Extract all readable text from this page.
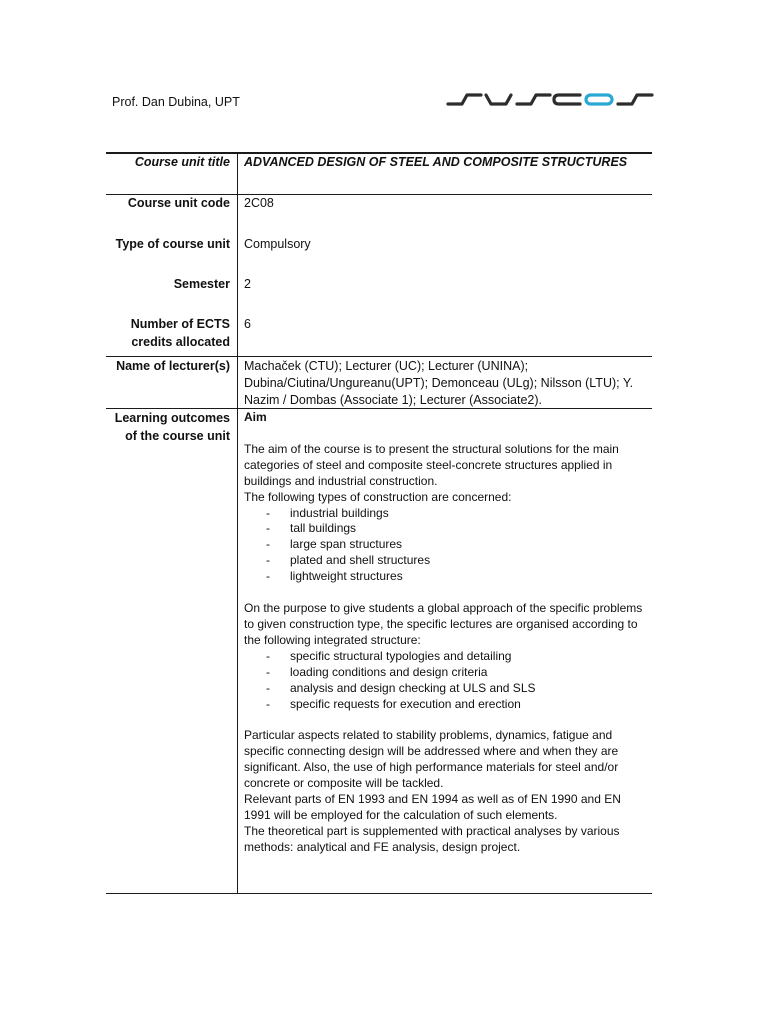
Prof. Dan Dubina, UPT
SUSCOS
Course unit title
Course unit code
Type of course unit
Semester
Number of ECTS credits allocated
Name of lecturer(s)
Learning outcomes of the course unit
ADVANCED DESIGN OF STEEL AND COMPOSITE STRUCTURES
2C08
Compulsory
2
6
Machaček (CTU); Lecturer (UC); Lecturer (UNINA); Dubina/Ciutina/Ungureanu(UPT); Demonceau (ULg); Nilsson (LTU); Y. Nazim / Dombas (Associate 1); Lecturer (Associate2).

Aim

The aim of the course is to present the structural solutions for the main categories of steel and composite steel-concrete structures applied in buildings and industrial construction.

The following types of construction are concerned:

- industrial buildings
- tall buildings
- large span structures
- plated and shell structures
- lightweight structures

On the purpose to give students a global approach of the specific problems to given construction type, the specific lectures are organised according to the following integrated structure:

- specific structural typologies and detailing
- loading conditions and design criteria
- analysis and design checking at ULS and SLS
- specific requests for execution and erection

Particular aspects related to stability problems, dynamics, fatigue and specific connecting design will be addressed where and when they are significant. Also, the use of high performance materials for steel and/or concrete or composite will be tackled.

Relevant parts of EN 1993 and EN 1994 as well as of EN 1990 and EN 1991 will be employed for the calculation of such elements.

The theoretical part is supplemented with practical analyses by various methods: analytical and FE analysis, design project.
